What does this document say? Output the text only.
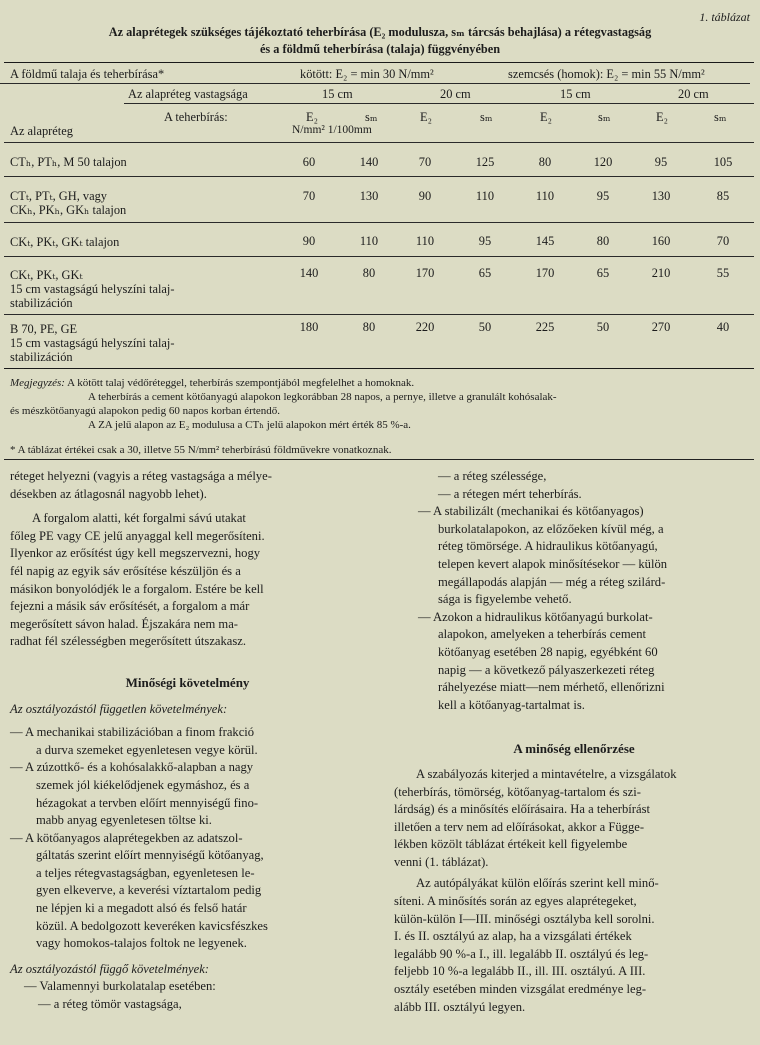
1. táblázat
Az alaprétegek szükséges tájékoztató teherbírása (E₂ modulusza, sₘ tárcsás behajlása) a rétegvastagság
és a földmű teherbírása (talaja) függvényében
A földmű talaja és teherbírása*	kötött: E₂ = min 30 N/mm²	szemcsés (homok): E₂ = min 55 N/mm²
Az alapréteg vastagsága	15 cm	20 cm	15 cm	20 cm
A teherbírás:	E₂	sₘ	E₂	sₘ	E₂	sₘ	E₂	sₘ
Az alapréteg	N/mm² 1/100mm
CTₕ, PTₕ, M 50 talajon	60	140	70	125	80	120	95	105
CTₜ, PTₜ, GH, vagy
CKₕ, PKₕ, GKₕ talajon
70	130	90	110	110	95	130	85
CKₜ, PKₜ, GKₜ talajon	90	110	110	95	145	80	160	70
CKₜ, PKₜ, GKₜ
15 cm vastagságú helyszíni talaj-
stabilizáción
140	80	170	65	170	65	210	55
B 70, PE, GE
15 cm vastagságú helyszíni talaj-
stabilizáción
180	80	220	50	225	50	270	40
Megjegyzés: A kötött talaj védőréteggel, teherbírás szempontjából megfelelhet a homoknak.
A teherbírás a cement kötőanyagú alapokon legkorábban 28 napos, a pernye, illetve a granulált kohósalak-
és mészkötőanyagú alapokon pedig 60 napos korban értendő.
A ZA jelű alapon az E₂ modulusa a CTₕ jelű alapokon mért érték 85 %-a.
* A táblázat értékei csak a 30, illetve 55 N/mm² teherbírású földművekre vonatkoznak.

réteget helyezni (vagyis a réteg vastagsága a mélye-
désekben az átlagosnál nagyobb lehet).

A forgalom alatti, két forgalmi sávú utakat
főleg PE vagy CE jelű anyaggal kell megerősíteni.
Ilyenkor az erősítést úgy kell megszervezni, hogy
fél napig az egyik sáv erősítése készüljön és a
másikon bonyolódjék le a forgalom. Estére be kell
fejezni a másik sáv erősítését, a forgalom a már
megerősített sávon halad. Éjszakára nem ma-
radhat fél szélességben megerősített útszakasz.

Minőségi követelmény
Az osztályozástól független követelmények:

— A mechanikai stabilizációban a finom frakció
a durva szemeket egyenletesen vegye körül.

— A zúzottkő- és a kohósalakkő-alapban a nagy
szemek jól kiékelődjenek egymáshoz, és a
hézagokat a tervben előírt mennyiségű fino-
mabb anyag egyenletesen töltse ki.

— A kötőanyagos alaprétegekben az adatszol-
gáltatás szerint előírt mennyiségű kötőanyag,
a teljes rétegvastagságban, egyenletesen le-
gyen elkeverve, a keverési víztartalom pedig
ne lépjen ki a megadott alsó és felső határ
közül. A bedolgozott keveréken kavicsfészkes
vagy homokos-talajos foltok ne legyenek.

Az osztályozástól függő követelmények:

— Valamennyi burkolatalap esetében:

— a réteg tömör vastagsága,

— a réteg szélessége,

— a rétegen mért teherbírás.

— A stabilizált (mechanikai és kötőanyagos)
burkolatalapokon, az előzőeken kívül még, a
réteg tömörsége. A hidraulikus kötőanyagú,
telepen kevert alapok minősítésekor — külön
megállapodás alapján — még a réteg szilárd-
sága is figyelembe vehető.

— Azokon a hidraulikus kötőanyagú burkolat-
alapokon, amelyeken a teherbírás cement
kötőanyag esetében 28 napig, egyébként 60
napig — a következő pályaszerkezeti réteg
ráhelyezése miatt—nem mérhető, ellenőrizni
kell a kötőanyag-tartalmat is.

A minőség ellenőrzése

A szabályozás kiterjed a mintavételre, a vizsgálatok
(teherbírás, tömörség, kötőanyag-tartalom és szi-
lárdság) és a minősítés előírásaira. Ha a teherbírást
illetően a terv nem ad előírásokat, akkor a Függe-
lékben közölt táblázat értékeit kell figyelembe
venni (1. táblázat).

Az autópályákat külön előírás szerint kell minő-
síteni. A minősítés során az egyes alaprétegeket,
külön-külön I—III. minőségi osztályba kell sorolni.
I. és II. osztályú az alap, ha a vizsgálati értékek
legalább 90 %-a I., ill. legalább II. osztályú és leg-
feljebb 10 %-a legalább II., ill. III. osztályú. A III.
osztály esetében minden vizsgálat eredménye leg-
alább III. osztályú legyen.
